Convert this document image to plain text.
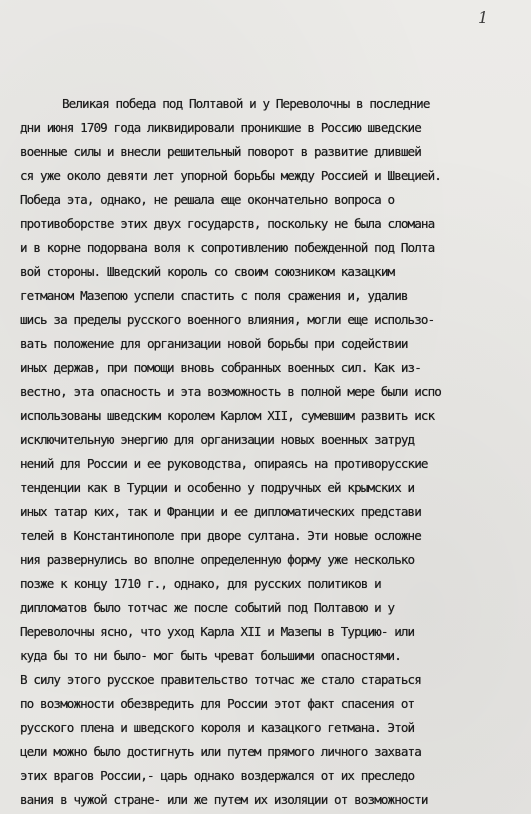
1
Великая победа под Полтавой и у Переволочны в последние
дни июня 1709 года ликвидировали проникшие в Россию шведские
военные силы и внесли решительный поворот в развитие длившей
ся уже около девяти лет упорной борьбы между Россией и Швецией.
Победа эта, однако, не решала еще окончательно вопроса о
противоборстве этих двух государств, поскольку не была сломана
и в корне подорвана воля к сопротивлению побежденной под Полта
вой стороны. Шведский король со своим союзником казацким
гетманом Мазепою успели спастить с поля сражения и, удалив
шись за пределы русского военного влияния, могли еще использо-
вать положение для организации новой борьбы при содействии
иных держав, при помощи вновь собранных военных сил. Как из-
вестно, эта опасность и эта возможность в полной мере были испо
использованы шведским королем Карлом XII, сумевшим развить иск
исключительную энергию для организации новых военных затруд
нений для России и ее руководства, опираясь на противорусские
тенденции как в Турции и особенно у подручных ей крымских и
иных татар ких, так и Франции и ее дипломатических представи
телей в Константинополе при дворе султана. Эти новые осложне
ния развернулись во вполне определенную форму уже несколько
позже к концу 1710 г., однако, для русских политиков и
дипломатов было тотчас же после событий под Полтавою и у
Переволочны ясно, что уход Карла XII и Мазепы в Турцию- или
куда бы то ни было- мог быть чреват большими опасностями.
В силу этого русское правительство тотчас же стало стараться
по возможности обезвредить для России этот факт спасения от
русского плена и шведского короля и казацкого гетмана. Этой
цели можно было достигнуть или путем прямого личного захвата
этих врагов России,- царь однако воздержался от их преследо
вания в чужой стране- или же путем их изоляции от возможности
